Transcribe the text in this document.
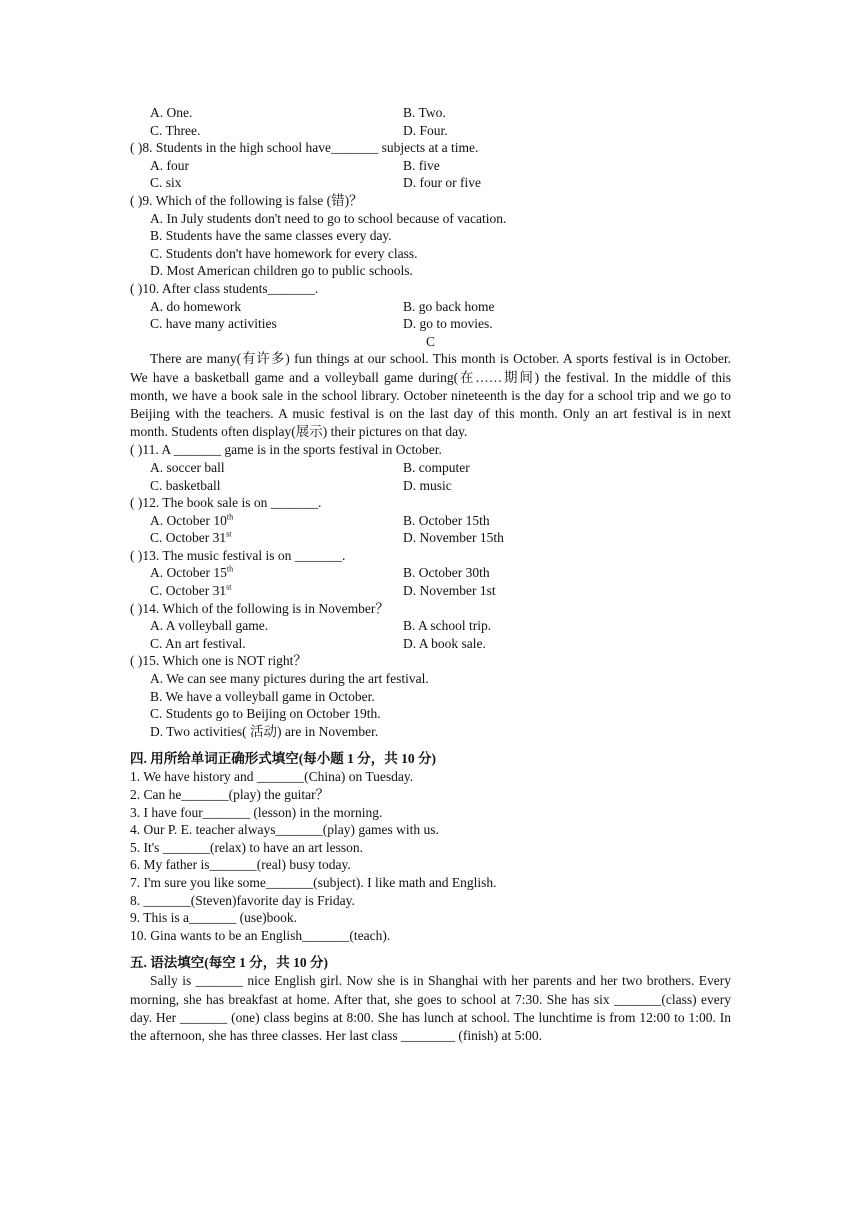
A. One.	B. Two.
C. Three.	D. Four.
( )8. Students in the high school have_______ subjects at a time.
A. four	B. five
C. six	D. four or five
( )9. Which of the following is false (错)？
A. In July students don't need to go to school because of vacation.
B. Students have the same classes every day.
C. Students don't have homework for every class.
D. Most American children go to public schools.
( )10. After class students_______.
A. do homework	B. go back home
C. have many activities	D. go to movies.
C
There are many(有许多) fun things at our school. This month is October. A sports festival is in October. We have a basketball game and a volleyball game during(在……期间) the festival. In the middle of this month, we have a book sale in the school library. October nineteenth is the day for a school trip and we go to Beijing with the teachers. A music festival is on the last day of this month. Only an art festival is in next month. Students often display(展示) their pictures on that day.
( )11. A _______ game is in the sports festival in October.
A. soccer ball	B. computer
C. basketball	D. music
( )12. The book sale is on _______.
A. October 10th	B. October 15th
C. October 31st	D. November 15th
( )13. The music festival is on _______.
A. October 15th	B. October 30th
C. October 31st	D. November 1st
( )14. Which of the following is in November？
A. A volleyball game.	B. A school trip.
C. An art festival.	D. A book sale.
( )15. Which one is NOT right？
A. We can see many pictures during the art festival.
B. We have a volleyball game in October.
C. Students go to Beijing on October 19th.
D. Two activities( 活动) are in November.
四. 用所给单词正确形式填空(每小题 1 分，共 10 分)
1. We have history and _______(China) on Tuesday.
2. Can he_______(play) the guitar？
3. I have four_______ (lesson) in the morning.
4. Our P. E. teacher always_______(play) games with us.
5. It's _______(relax) to have an art lesson.
6. My father is_______(real) busy today.
7. I'm sure you like some_______(subject). I like math and English.
8. _______(Steven)favorite day is Friday.
9. This is a_______ (use)book.
10. Gina wants to be an English_______(teach).
五. 语法填空(每空 1 分，共 10 分)
Sally is _______ nice English girl. Now she is in Shanghai with her parents and her two brothers. Every morning, she has breakfast at home. After that, she goes to school at 7:30. She has six _______(class) every day. Her _______ (one) class begins at 8:00. She has lunch at school. The lunchtime is from 12:00 to 1:00. In the afternoon, she has three classes. Her last class ________ (finish) at 5:00.
